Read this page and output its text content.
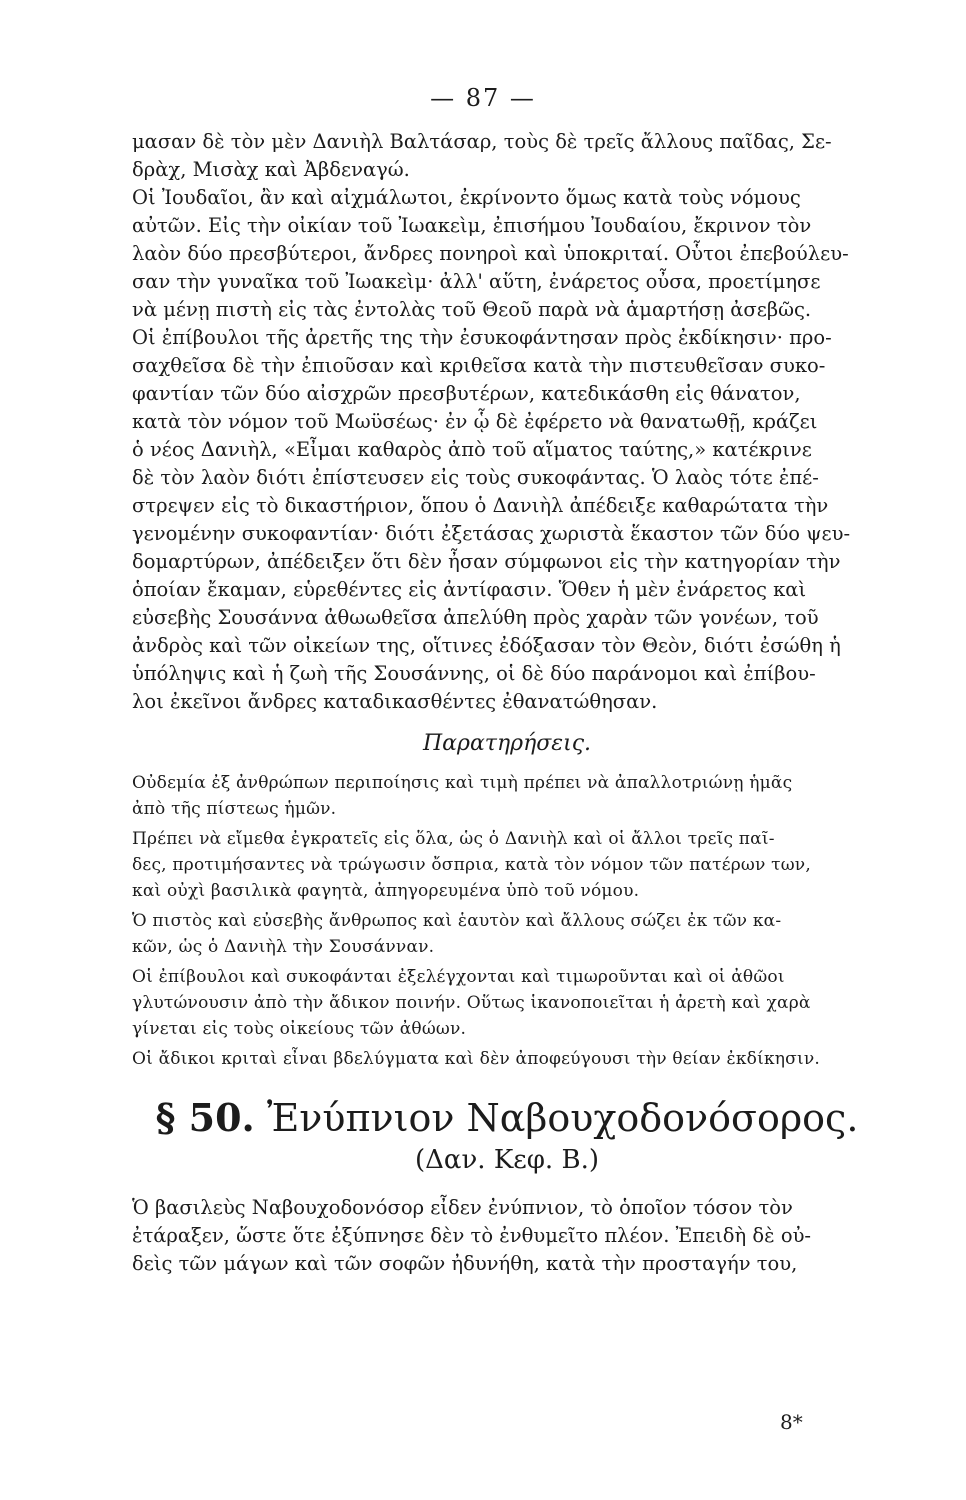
— 87 —
μασαν δὲ τὸν μὲν Δανιὴλ Βαλτάσαρ, τοὺς δὲ τρεῖς ἄλλους παῖδας, Σε-
δρὰχ, Μισὰχ καὶ Ἀβδεναγώ.
Οἱ Ἰουδαῖοι, ἂν καὶ αἰχμάλωτοι, ἐκρίνοντο ὅμως κατὰ τοὺς νόμους
αὐτῶν. Εἰς τὴν οἰκίαν τοῦ Ἰωακεὶμ, ἐπισήμου Ἰουδαίου, ἔκρινον τὸν
λαὸν δύο πρεσβύτεροι, ἄνδρες πονηροὶ καὶ ὑποκριταί. Οὗτοι ἐπεβούλευ-
σαν τὴν γυναῖκα τοῦ Ἰωακεὶμ· ἀλλ' αὕτη, ἐνάρετος οὖσα, προετίμησε
νὰ μένῃ πιστὴ εἰς τὰς ἐντολὰς τοῦ Θεοῦ παρὰ νὰ ἁμαρτήσῃ ἀσεβῶς.
Οἱ ἐπίβουλοι τῆς ἀρετῆς της τὴν ἐσυκοφάντησαν πρὸς ἐκδίκησιν· προ-
σαχθεῖσα δὲ τὴν ἐπιοῦσαν καὶ κριθεῖσα κατὰ τὴν πιστευθεῖσαν συκο-
φαντίαν τῶν δύο αἰσχρῶν πρεσβυτέρων, κατεδικάσθη εἰς θάνατον,
κατὰ τὸν νόμον τοῦ Μωϋσέως· ἐν ᾧ δὲ ἐφέρετο νὰ θανατωθῇ, κράζει
ὁ νέος Δανιὴλ, «Εἶμαι καθαρὸς ἀπὸ τοῦ αἵματος ταύτης,» κατέκρινε
δὲ τὸν λαὸν διότι ἐπίστευσεν εἰς τοὺς συκοφάντας. Ὁ λαὸς τότε ἐπέ-
στρεψεν εἰς τὸ δικαστήριον, ὅπου ὁ Δανιὴλ ἀπέδειξε καθαρώτατα τὴν
γενομένην συκοφαντίαν· διότι ἐξετάσας χωριστὰ ἕκαστον τῶν δύο ψευ-
δομαρτύρων, ἀπέδειξεν ὅτι δὲν ἦσαν σύμφωνοι εἰς τὴν κατηγορίαν τὴν
ὁποίαν ἔκαμαν, εὑρεθέντες εἰς ἀντίφασιν. Ὅθεν ἡ μὲν ἐνάρετος καὶ
εὐσεβὴς Σουσάννα ἀθωωθεῖσα ἀπελύθη πρὸς χαρὰν τῶν γονέων, τοῦ
ἀνδρὸς καὶ τῶν οἰκείων της, οἵτινες ἐδόξασαν τὸν Θεὸν, διότι ἐσώθη ἡ
ὑπόληψις καὶ ἡ ζωὴ τῆς Σουσάννης, οἱ δὲ δύο παράνομοι καὶ ἐπίβου-
λοι ἐκεῖνοι ἄνδρες καταδικασθέντες ἐθανατώθησαν.
Παρατηρήσεις.
Οὐδεμία ἐξ ἀνθρώπων περιποίησις καὶ τιμὴ πρέπει νὰ ἀπαλλοτριώνῃ ἡμᾶς
ἀπὸ τῆς πίστεως ἡμῶν.
Πρέπει νὰ εἴμεθα ἐγκρατεῖς εἰς ὅλα, ὡς ὁ Δανιὴλ καὶ οἱ ἄλλοι τρεῖς παῖ-
δες, προτιμήσαντες νὰ τρώγωσιν ὄσπρια, κατὰ τὸν νόμον τῶν πατέρων των,
καὶ οὐχὶ βασιλικὰ φαγητὰ, ἀπηγορευμένα ὑπὸ τοῦ νόμου.
Ὁ πιστὸς καὶ εὐσεβὴς ἄνθρωπος καὶ ἑαυτὸν καὶ ἄλλους σώζει ἐκ τῶν κα-
κῶν, ὡς ὁ Δανιὴλ τὴν Σουσάνναν.
Οἱ ἐπίβουλοι καὶ συκοφάνται ἐξελέγχονται καὶ τιμωροῦνται καὶ οἱ ἀθῶοι
γλυτώνουσιν ἀπὸ τὴν ἄδικον ποινήν. Οὕτως ἱκανοποιεῖται ἡ ἀρετὴ καὶ χαρὰ
γίνεται εἰς τοὺς οἰκείους τῶν ἀθώων.
Οἱ ἄδικοι κριταὶ εἶναι βδελύγματα καὶ δὲν ἀποφεύγουσι τὴν θείαν ἐκδίκησιν.
§ 50. Ἐνύπνιον Ναβουχοδονόσορος.
(Δαν. Κεφ. Β.)
Ὁ βασιλεὺς Ναβουχοδονόσορ εἶδεν ἐνύπνιον, τὸ ὁποῖον τόσον τὸν
ἐτάραξεν, ὥστε ὅτε ἐξύπνησε δὲν τὸ ἐνθυμεῖτο πλέον. Ἐπειδὴ δὲ οὐ-
δεὶς τῶν μάγων καὶ τῶν σοφῶν ἠδυνήθη, κατὰ τὴν προσταγήν του,
8*
